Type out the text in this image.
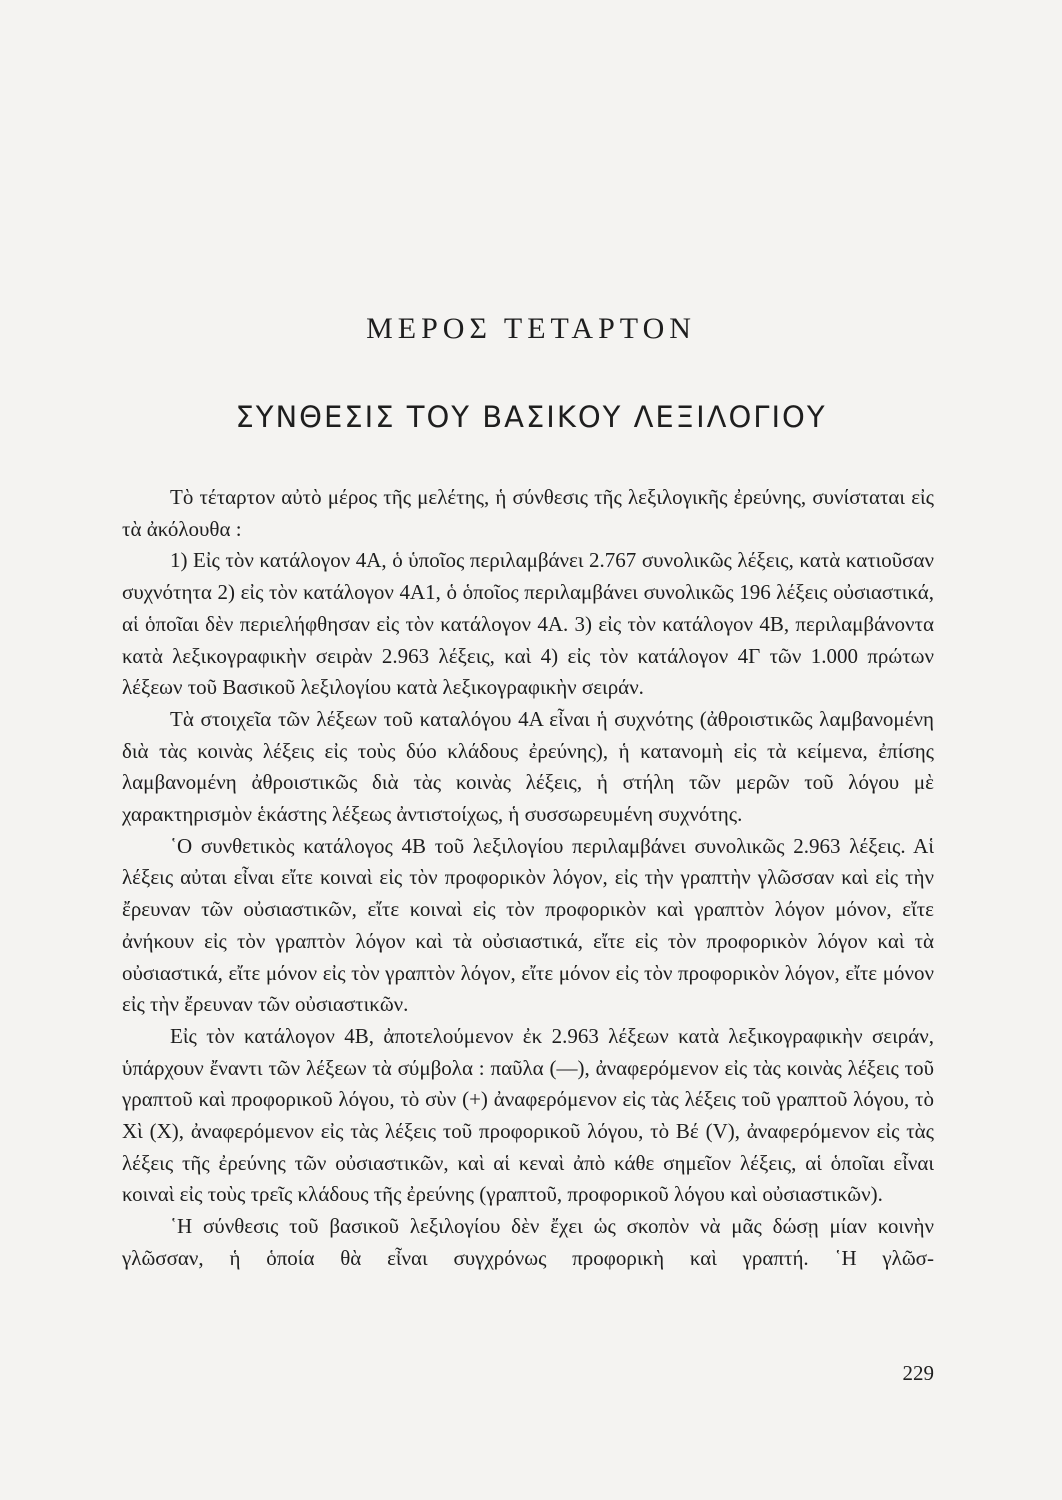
ΜΕΡΟΣ ΤΕΤΑΡΤΟΝ
ΣΥΝΘΕΣΙΣ ΤΟΥ ΒΑΣΙΚΟΥ ΛΕΞΙΛΟΓΙΟΥ

Τὸ τέταρτον αὐτὸ μέρος τῆς μελέτης, ἡ σύνθεσις τῆς λεξιλογικῆς ἐρεύνης, συνίσταται εἰς τὰ ἀκόλουθα :

1) Εἰς τὸν κατάλογον 4Α, ὁ ὑποῖος περιλαμβάνει 2.767 συνολικῶς λέξεις, κατὰ κατιοῦσαν συχνότητα 2) εἰς τὸν κατάλογον 4Α1, ὁ ὁποῖος περιλαμβάνει συνολικῶς 196 λέξεις οὐσιαστικά, αἱ ὁποῖαι δὲν περιελήφθησαν εἰς τὸν κατάλογον 4Α. 3) εἰς τὸν κατάλογον 4Β, περιλαμβάνοντα κατὰ λεξικογραφικὴν σειρὰν 2.963 λέξεις, καὶ 4) εἰς τὸν κατάλογον 4Γ τῶν 1.000 πρώτων λέξεων τοῦ Βασικοῦ λεξιλογίου κατὰ λεξικογραφικὴν σειράν.

Τὰ στοιχεῖα τῶν λέξεων τοῦ καταλόγου 4Α εἶναι ἡ συχνότης (ἀθροιστικῶς λαμβανομένη διὰ τὰς κοινὰς λέξεις εἰς τοὺς δύο κλάδους ἐρεύνης), ἡ κατανομὴ εἰς τὰ κείμενα, ἐπίσης λαμβανομένη ἀθροιστικῶς διὰ τὰς κοινὰς λέξεις, ἡ στήλη τῶν μερῶν τοῦ λόγου μὲ χαρακτηρισμὸν ἑκάστης λέξεως ἀντιστοίχως, ἡ συσσωρευμένη συχνότης.

῾Ο συνθετικὸς κατάλογος 4Β τοῦ λεξιλογίου περιλαμβάνει συνολικῶς 2.963 λέξεις. Αἱ λέξεις αὐται εἶναι εἴτε κοιναὶ εἰς τὸν προφορικὸν λόγον, εἰς τὴν γραπτὴν γλῶσσαν καὶ εἰς τὴν ἔρευναν τῶν οὐσιαστικῶν, εἴτε κοιναὶ εἰς τὸν προφορικὸν καὶ γραπτὸν λόγον μόνον, εἴτε ἀνήκουν εἰς τὸν γραπτὸν λόγον καὶ τὰ οὐσιαστικά, εἴτε εἰς τὸν προφορικὸν λόγον καὶ τὰ οὐσιαστικά, εἴτε μόνον εἰς τὸν γραπτὸν λόγον, εἴτε μόνον εἰς τὸν προφορικὸν λόγον, εἴτε μόνον εἰς τὴν ἔρευναν τῶν οὐσιαστικῶν.

Εἰς τὸν κατάλογον 4Β, ἀποτελούμενον ἐκ 2.963 λέξεων κατὰ λεξικογραφικὴν σειράν, ὑπάρχουν ἔναντι τῶν λέξεων τὰ σύμβολα : παῦλα (—), ἀναφερόμενον εἰς τὰς κοινὰς λέξεις τοῦ γραπτοῦ καὶ προφορικοῦ λόγου, τὸ σὺν (+) ἀναφερόμενον εἰς τὰς λέξεις τοῦ γραπτοῦ λόγου, τὸ Χὶ (Χ), ἀναφερόμενον εἰς τὰς λέξεις τοῦ προφορικοῦ λόγου, τὸ Βέ (V), ἀναφερόμενον εἰς τὰς λέξεις τῆς ἐρεύνης τῶν οὐσιαστικῶν, καὶ αἱ κεναὶ ἀπὸ κάθε σημεῖον λέξεις, αἱ ὁποῖαι εἶναι κοιναὶ εἰς τοὺς τρεῖς κλάδους τῆς ἐρεύνης (γραπτοῦ, προφορικοῦ λόγου καὶ οὐσιαστικῶν).

῾Η σύνθεσις τοῦ βασικοῦ λεξιλογίου δὲν ἔχει ὡς σκοπὸν νὰ μᾶς δώσῃ μίαν κοινὴν γλῶσσαν, ἡ ὁποία θὰ εἶναι συγχρόνως προφορικὴ καὶ γραπτή. ῾Η γλῶσ-

229
